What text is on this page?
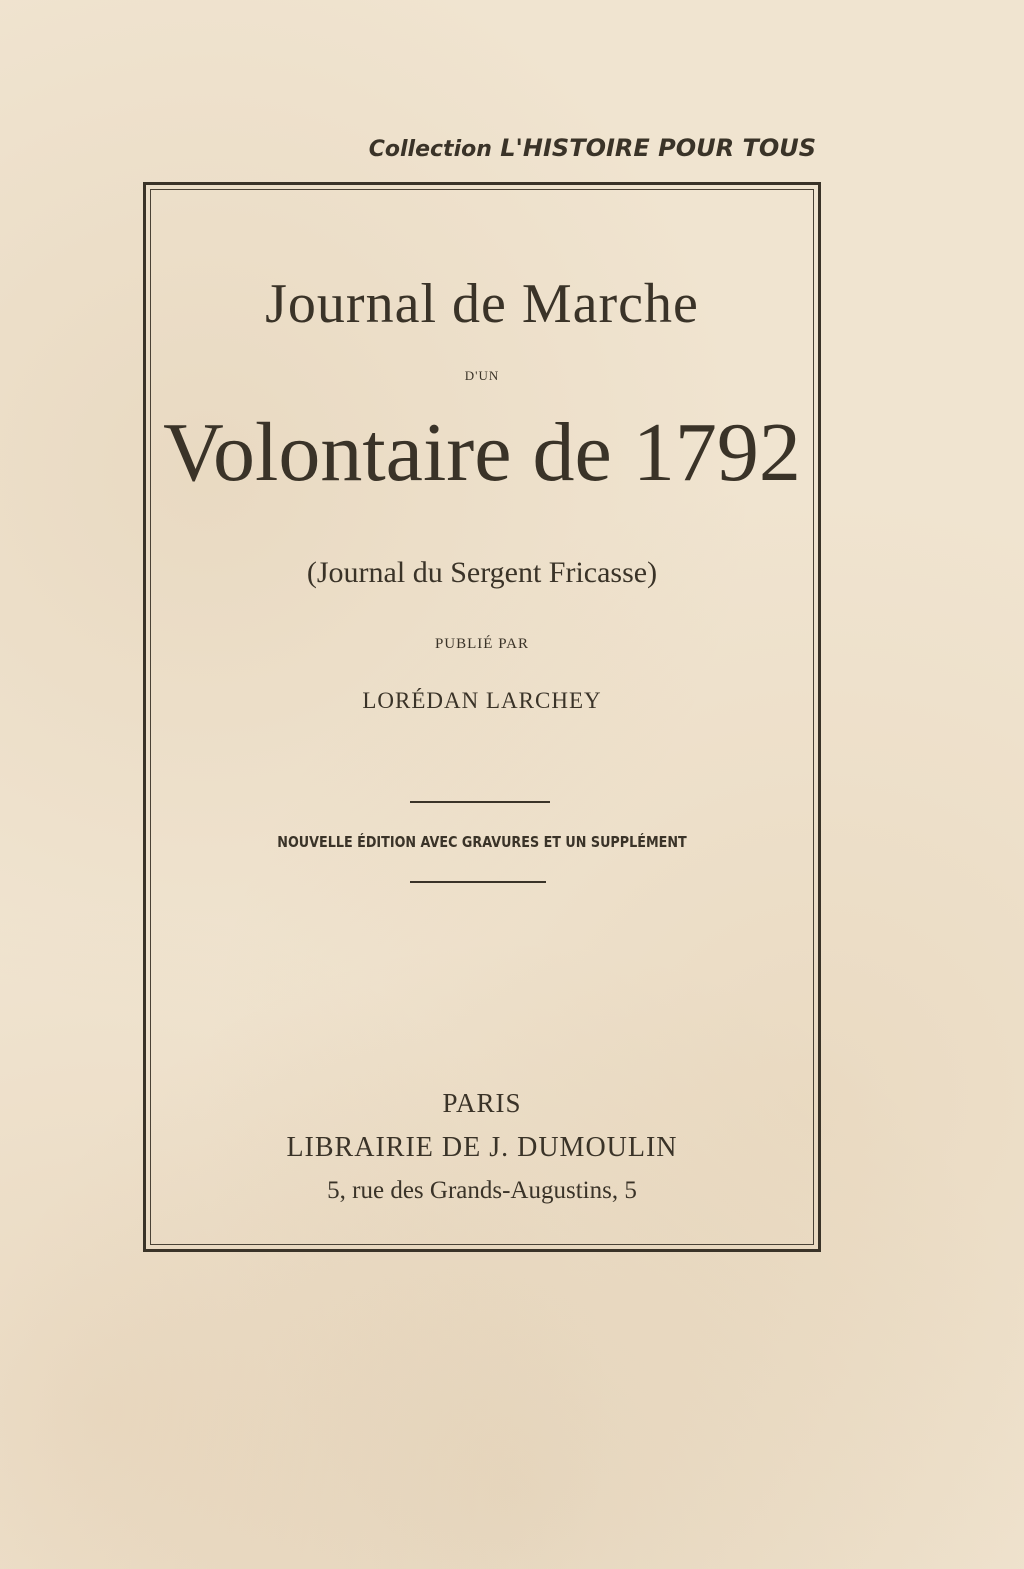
Collection L'HISTOIRE POUR TOUS
Journal de Marche
D'UN
Volontaire de 1792
(Journal du Sergent Fricasse)
PUBLIÉ PAR
LORÉDAN LARCHEY
NOUVELLE ÉDITION AVEC GRAVURES ET UN SUPPLÉMENT
PARIS
LIBRAIRIE DE J. DUMOULIN
5, rue des Grands-Augustins, 5
